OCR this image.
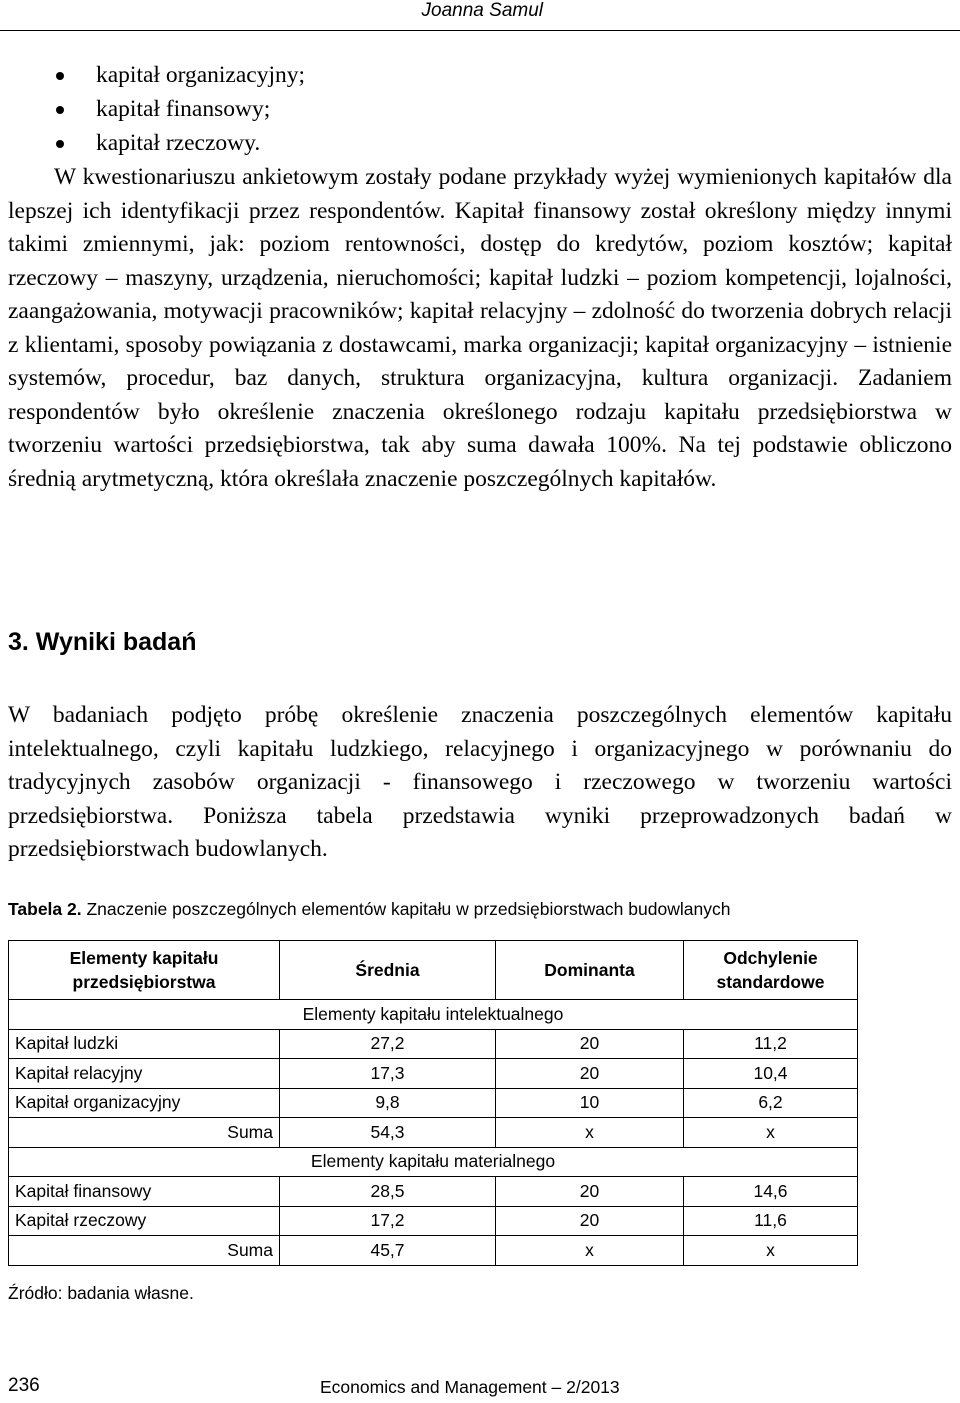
Joanna Samul
kapitał organizacyjny;
kapitał finansowy;
kapitał rzeczowy.

W kwestionariuszu ankietowym zostały podane przykłady wyżej wymienionych kapitałów dla lepszej ich identyfikacji przez respondentów. Kapitał finansowy został określony między innymi takimi zmiennymi, jak: poziom rentowności, dostęp do kredytów, poziom kosztów; kapitał rzeczowy – maszyny, urządzenia, nieruchomości; kapitał ludzki – poziom kompetencji, lojalności, zaangażowania, motywacji pracowników; kapitał relacyjny – zdolność do tworzenia dobrych relacji z klientami, sposoby powiązania z dostawcami, marka organizacji; kapitał organizacyjny – istnienie systemów, procedur, baz danych, struktura organizacyjna, kultura organizacji. Zadaniem respondentów było określenie znaczenia określonego rodzaju kapitału przedsiębiorstwa w tworzeniu wartości przedsiębiorstwa, tak aby suma dawała 100%. Na tej podstawie obliczono średnią arytmetyczną, która określała znaczenie poszczególnych kapitałów.

3. Wyniki badań

W badaniach podjęto próbę określenie znaczenia poszczególnych elementów kapitału intelektualnego, czyli kapitału ludzkiego, relacyjnego i organizacyjnego w porównaniu do tradycyjnych zasobów organizacji - finansowego i rzeczowego w tworzeniu wartości przedsiębiorstwa. Poniższa tabela przedstawia wyniki przeprowadzonych badań w przedsiębiorstwach budowlanych.

Tabela 2. Znaczenie poszczególnych elementów kapitału w przedsiębiorstwach budowlanych

Elementy kapitału przedsiębiorstwa	Średnia	Dominanta	Odchylenie standardowe
Elementy kapitału intelektualnego			
Kapitał ludzki	27,2	20	11,2
Kapitał relacyjny	17,3	20	10,4
Kapitał organizacyjny	9,8	10	6,2
Suma	54,3	x	x
Elementy kapitału materialnego			
Kapitał finansowy	28,5	20	14,6
Kapitał rzeczowy	17,2	20	11,6
Suma	45,7	x	x

Źródło: badania własne.

236	Economics and Management – 2/2013
